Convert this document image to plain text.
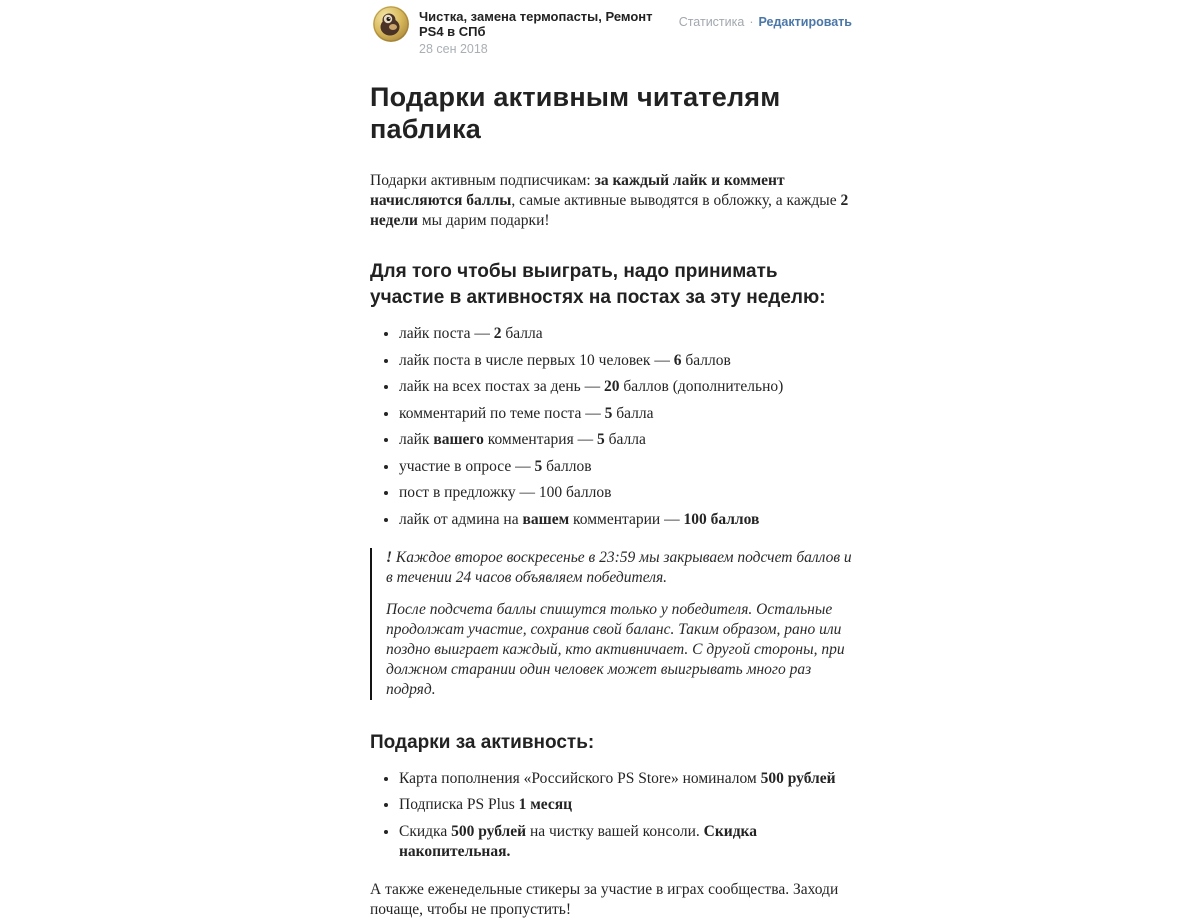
Чистка, замена термопасты, Ремонт PS4 в СПб
28 сен 2018
Статистика · Редактировать
Подарки активным читателям паблика

Подарки активным подписчикам: за каждый лайк и коммент начисляются баллы, самые активные выводятся в обложку, а каждые 2 недели мы дарим подарки!

Для того чтобы выиграть, надо принимать участие в активностях на постах за эту неделю:
• лайк поста — 2 балла
• лайк поста в числе первых 10 человек — 6 баллов
• лайк на всех постах за день — 20 баллов (дополнительно)
• комментарий по теме поста — 5 балла
• лайк вашего комментария — 5 балла
• участие в опросе — 5 баллов
• пост в предложку — 100 баллов
• лайк от админа на вашем комментарии — 100 баллов

! Каждое второе воскресенье в 23:59 мы закрываем подсчет баллов и в течении 24 часов объявляем победителя.

После подсчета баллы спишутся только у победителя. Остальные продолжат участие, сохранив свой баланс. Таким образом, рано или поздно выиграет каждый, кто активничает. С другой стороны, при должном старании один человек может выигрывать много раз подряд.

Подарки за активность:
• Карта пополнения «Российского PS Store» номиналом 500 рублей
• Подписка PS Plus 1 месяц
• Скидка 500 рублей на чистку вашей консоли. Скидка накопительная.

А также еженедельные стикеры за участие в играх сообщества. Заходи почаще, чтобы не пропустить!
